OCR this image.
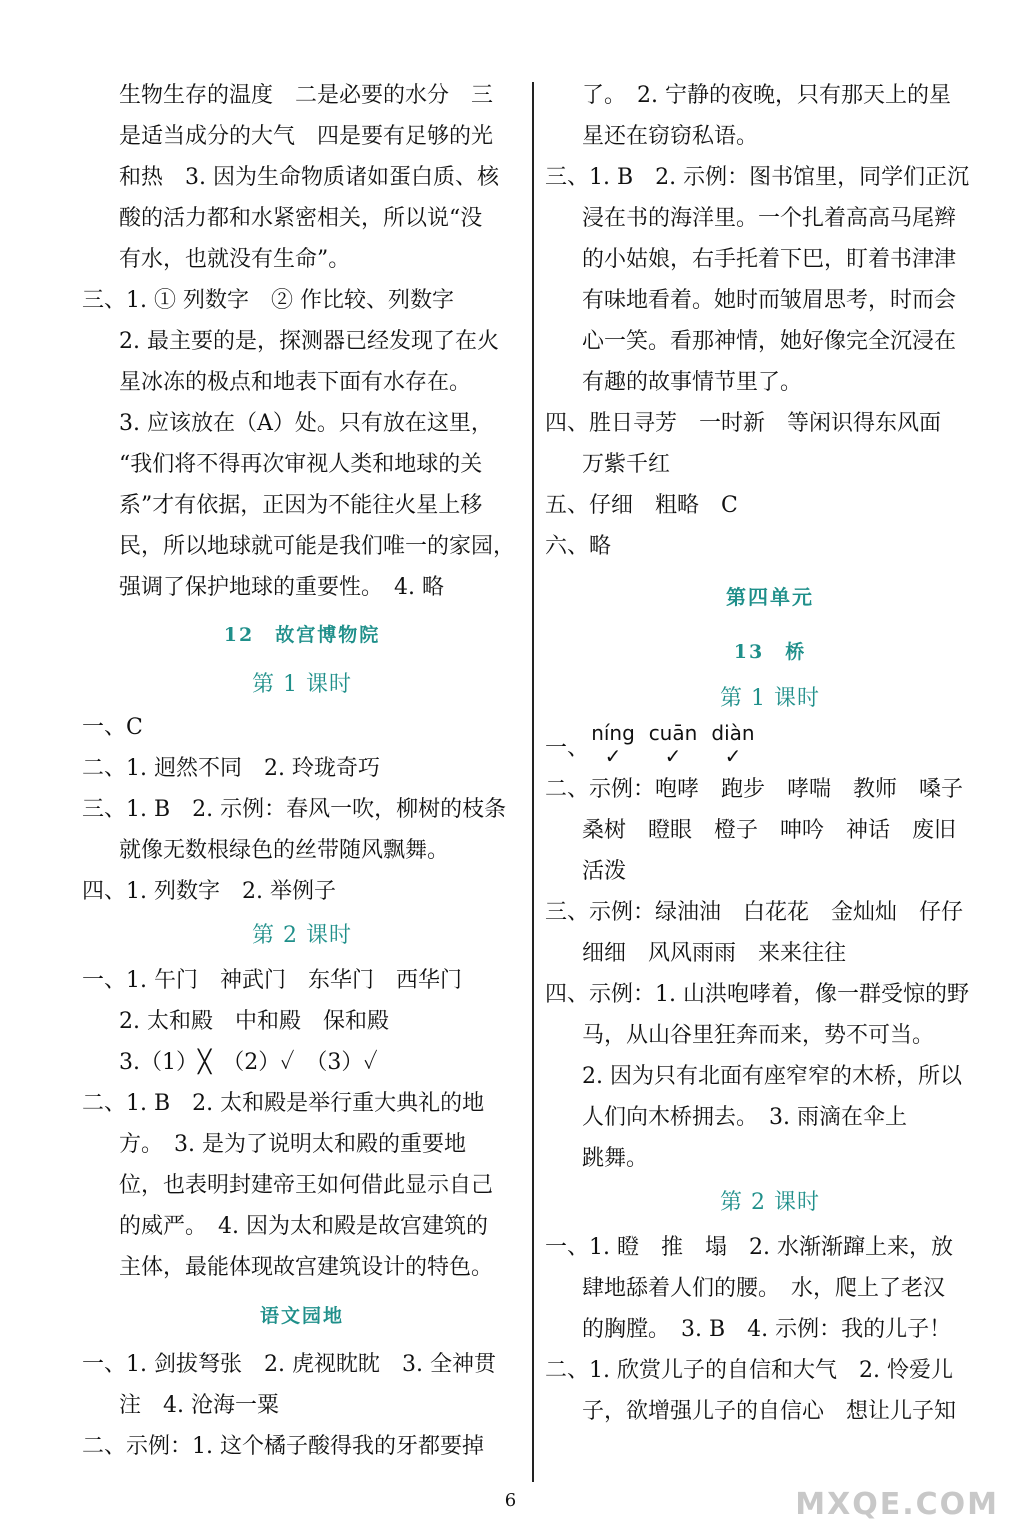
生物生存的温度　二是必要的水分　三
是适当成分的大气　四是要有足够的光
和热　3. 因为生命物质诸如蛋白质、核
酸的活力都和水紧密相关，所以说“没
有水，也就没有生命”。
三、1. ① 列数字　② 作比较、列数字
2. 最主要的是，探测器已经发现了在火
星冰冻的极点和地表下面有水存在。
3. 应该放在（A）处。只有放在这里，
“我们将不得再次审视人类和地球的关
系”才有依据，正因为不能往火星上移
民，所以地球就可能是我们唯一的家园，
强调了保护地球的重要性。　4. 略
12　故宫博物院
第 1 课时
一、C
二、1. 迥然不同　2. 玲珑奇巧
三、1. B　2. 示例：春风一吹，柳树的枝条
就像无数根绿色的丝带随风飘舞。
四、1. 列数字　2. 举例子
第 2 课时
一、1. 午门　神武门　东华门　西华门
2. 太和殿　中和殿　保和殿
3.（1）╳　（2）✓　（3）✓
二、1. B　2. 太和殿是举行重大典礼的地
方。　3. 是为了说明太和殿的重要地
位，也表明封建帝王如何借此显示自己
的威严。　4. 因为太和殿是故宫建筑的
主体，最能体现故宫建筑设计的特色。
语文园地
一、1. 剑拔弩张　2. 虎视眈眈　3. 全神贯
注　4. 沧海一粟
二、示例：1. 这个橘子酸得我的牙都要掉
了。　2. 宁静的夜晚，只有那天上的星
星还在窃窃私语。
三、1. B　2. 示例：图书馆里，同学们正沉
浸在书的海洋里。一个扎着高高马尾辫
的小姑娘，右手托着下巴，盯着书津津
有味地看着。她时而皱眉思考，时而会
心一笑。看那神情，她好像完全沉浸在
有趣的故事情节里了。
四、胜日寻芳　一时新　等闲识得东风面
万紫千红
五、仔细　粗略　C
六、略
第四单元
13　桥
第 1 课时
一、
níng cuān diàn
✓ ✓ ✓
二、示例：咆哮　跑步　哮喘　教师　嗓子
桑树　瞪眼　橙子　呻吟　神话　废旧
活泼
三、示例：绿油油　白花花　金灿灿　仔仔
细细　风风雨雨　来来往往
四、示例：1. 山洪咆哮着，像一群受惊的野
马，从山谷里狂奔而来，势不可当。
2. 因为只有北面有座窄窄的木桥，所以
人们向木桥拥去。　3. 雨滴在伞上
跳舞。
第 2 课时
一、1. 瞪　推　塌　2. 水渐渐蹿上来，放
肆地舔着人们的腰。　水，爬上了老汉
的胸膛。　3. B　4. 示例：我的儿子！
二、1. 欣赏儿子的自信和大气　2. 怜爱儿
子，欲增强儿子的自信心　想让儿子知
6	MXQE.COM
